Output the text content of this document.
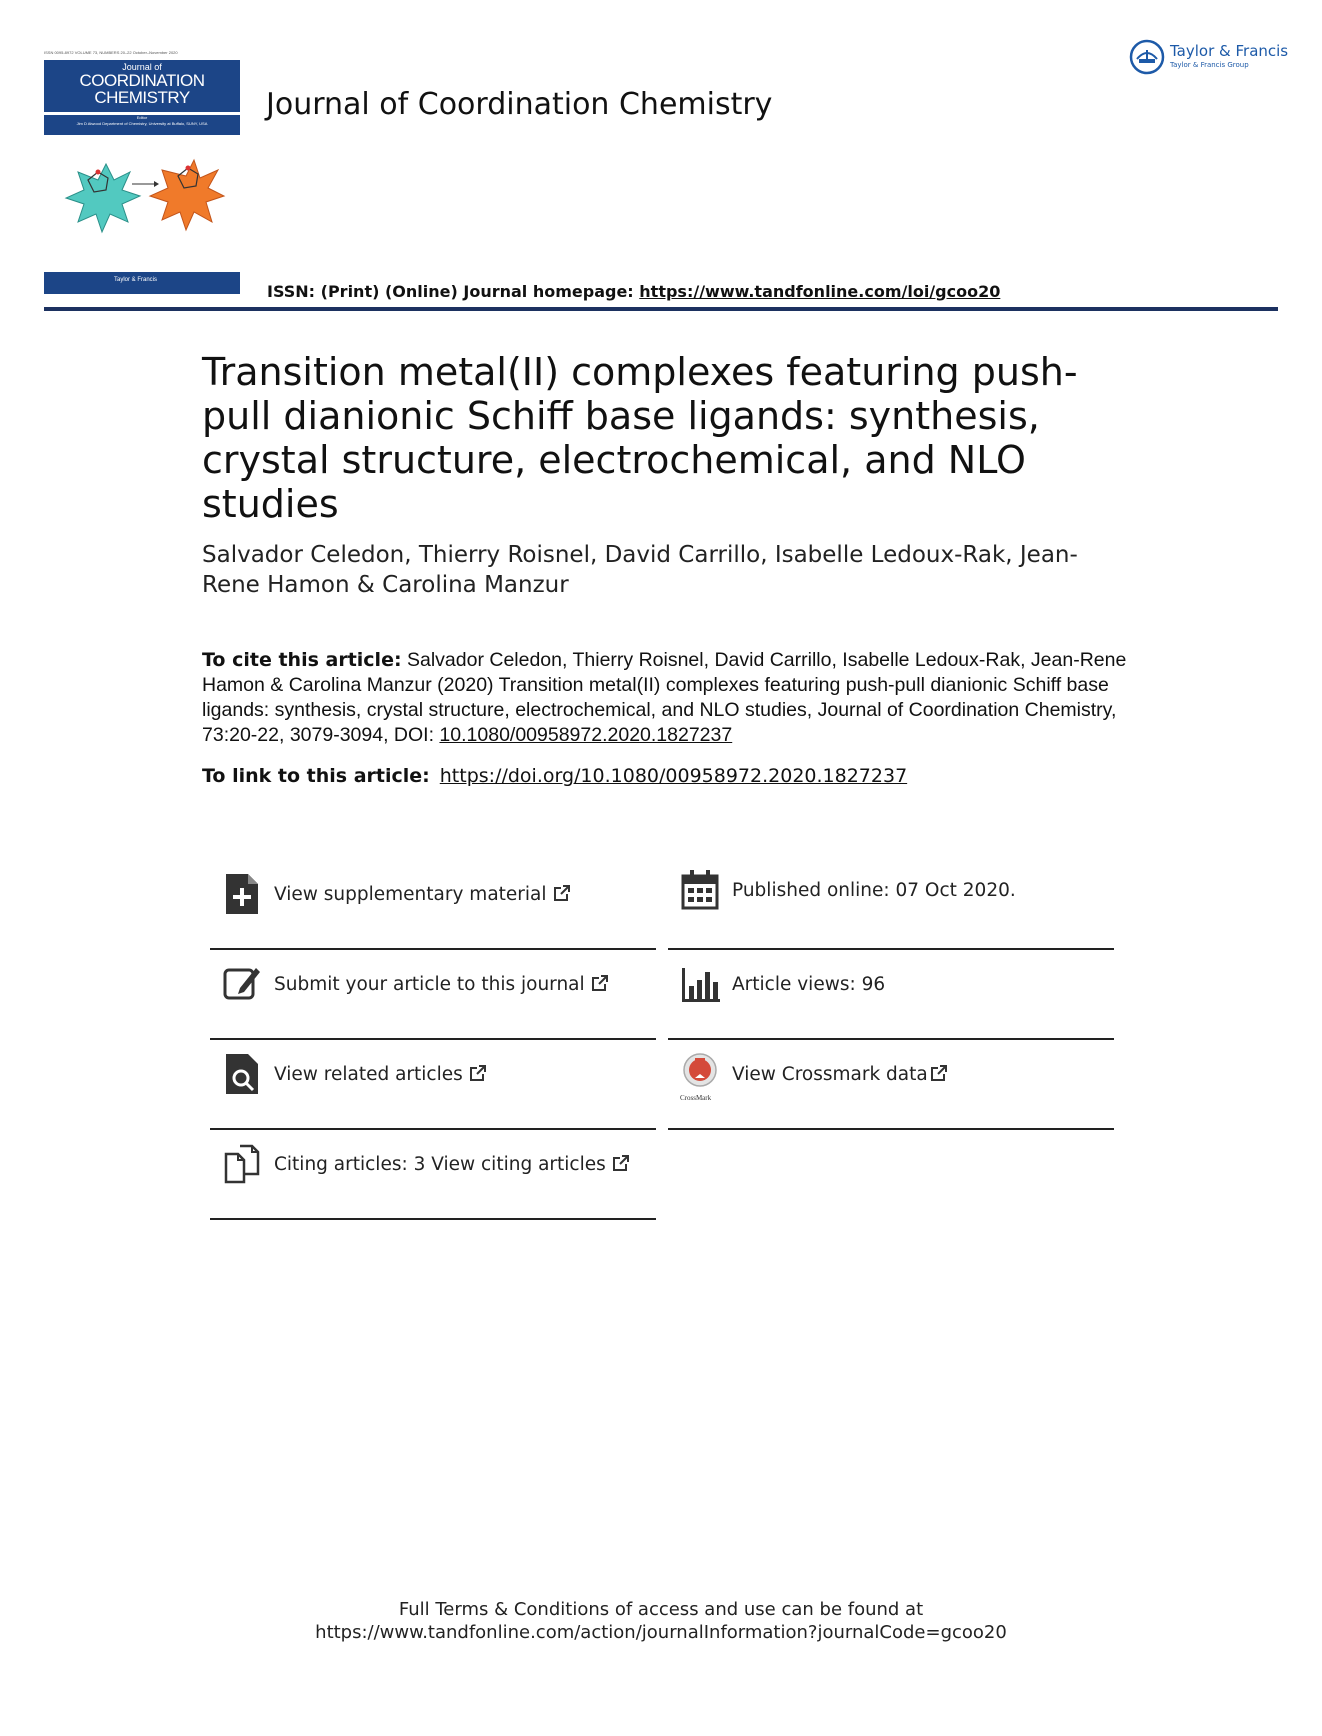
ISSN 0095-8972 VOLUME 73, NUMBERS 20–22 October–November 2020
Journal of
COORDINATION
CHEMISTRY
Editor
Jim D Atwood Department of Chemistry, University at Buffalo, SUNY, USA
Taylor & Francis
Journal of Coordination Chemistry
Taylor & Francis
Taylor & Francis Group
ISSN: (Print) (Online) Journal homepage: https://www.tandfonline.com/loi/gcoo20
Transition metal(II) complexes featuring push-pull dianionic Schiff base ligands: synthesis, crystal structure, electrochemical, and NLO studies
Salvador Celedon, Thierry Roisnel, David Carrillo, Isabelle Ledoux-Rak, Jean-Rene Hamon & Carolina Manzur
To cite this article: Salvador Celedon, Thierry Roisnel, David Carrillo, Isabelle Ledoux-Rak, Jean-Rene Hamon & Carolina Manzur (2020) Transition metal(II) complexes featuring push-pull dianionic Schiff base ligands: synthesis, crystal structure, electrochemical, and NLO studies, Journal of Coordination Chemistry, 73:20-22, 3079-3094, DOI: 10.1080/00958972.2020.1827237
To link to this article: https://doi.org/10.1080/00958972.2020.1827237
View supplementary material
Submit your article to this journal
View related articles
Citing articles: 3 View citing articles
Published online: 07 Oct 2020.
Article views: 96
CrossMark
View Crossmark data
Full Terms & Conditions of access and use can be found at
https://www.tandfonline.com/action/journalInformation?journalCode=gcoo20
